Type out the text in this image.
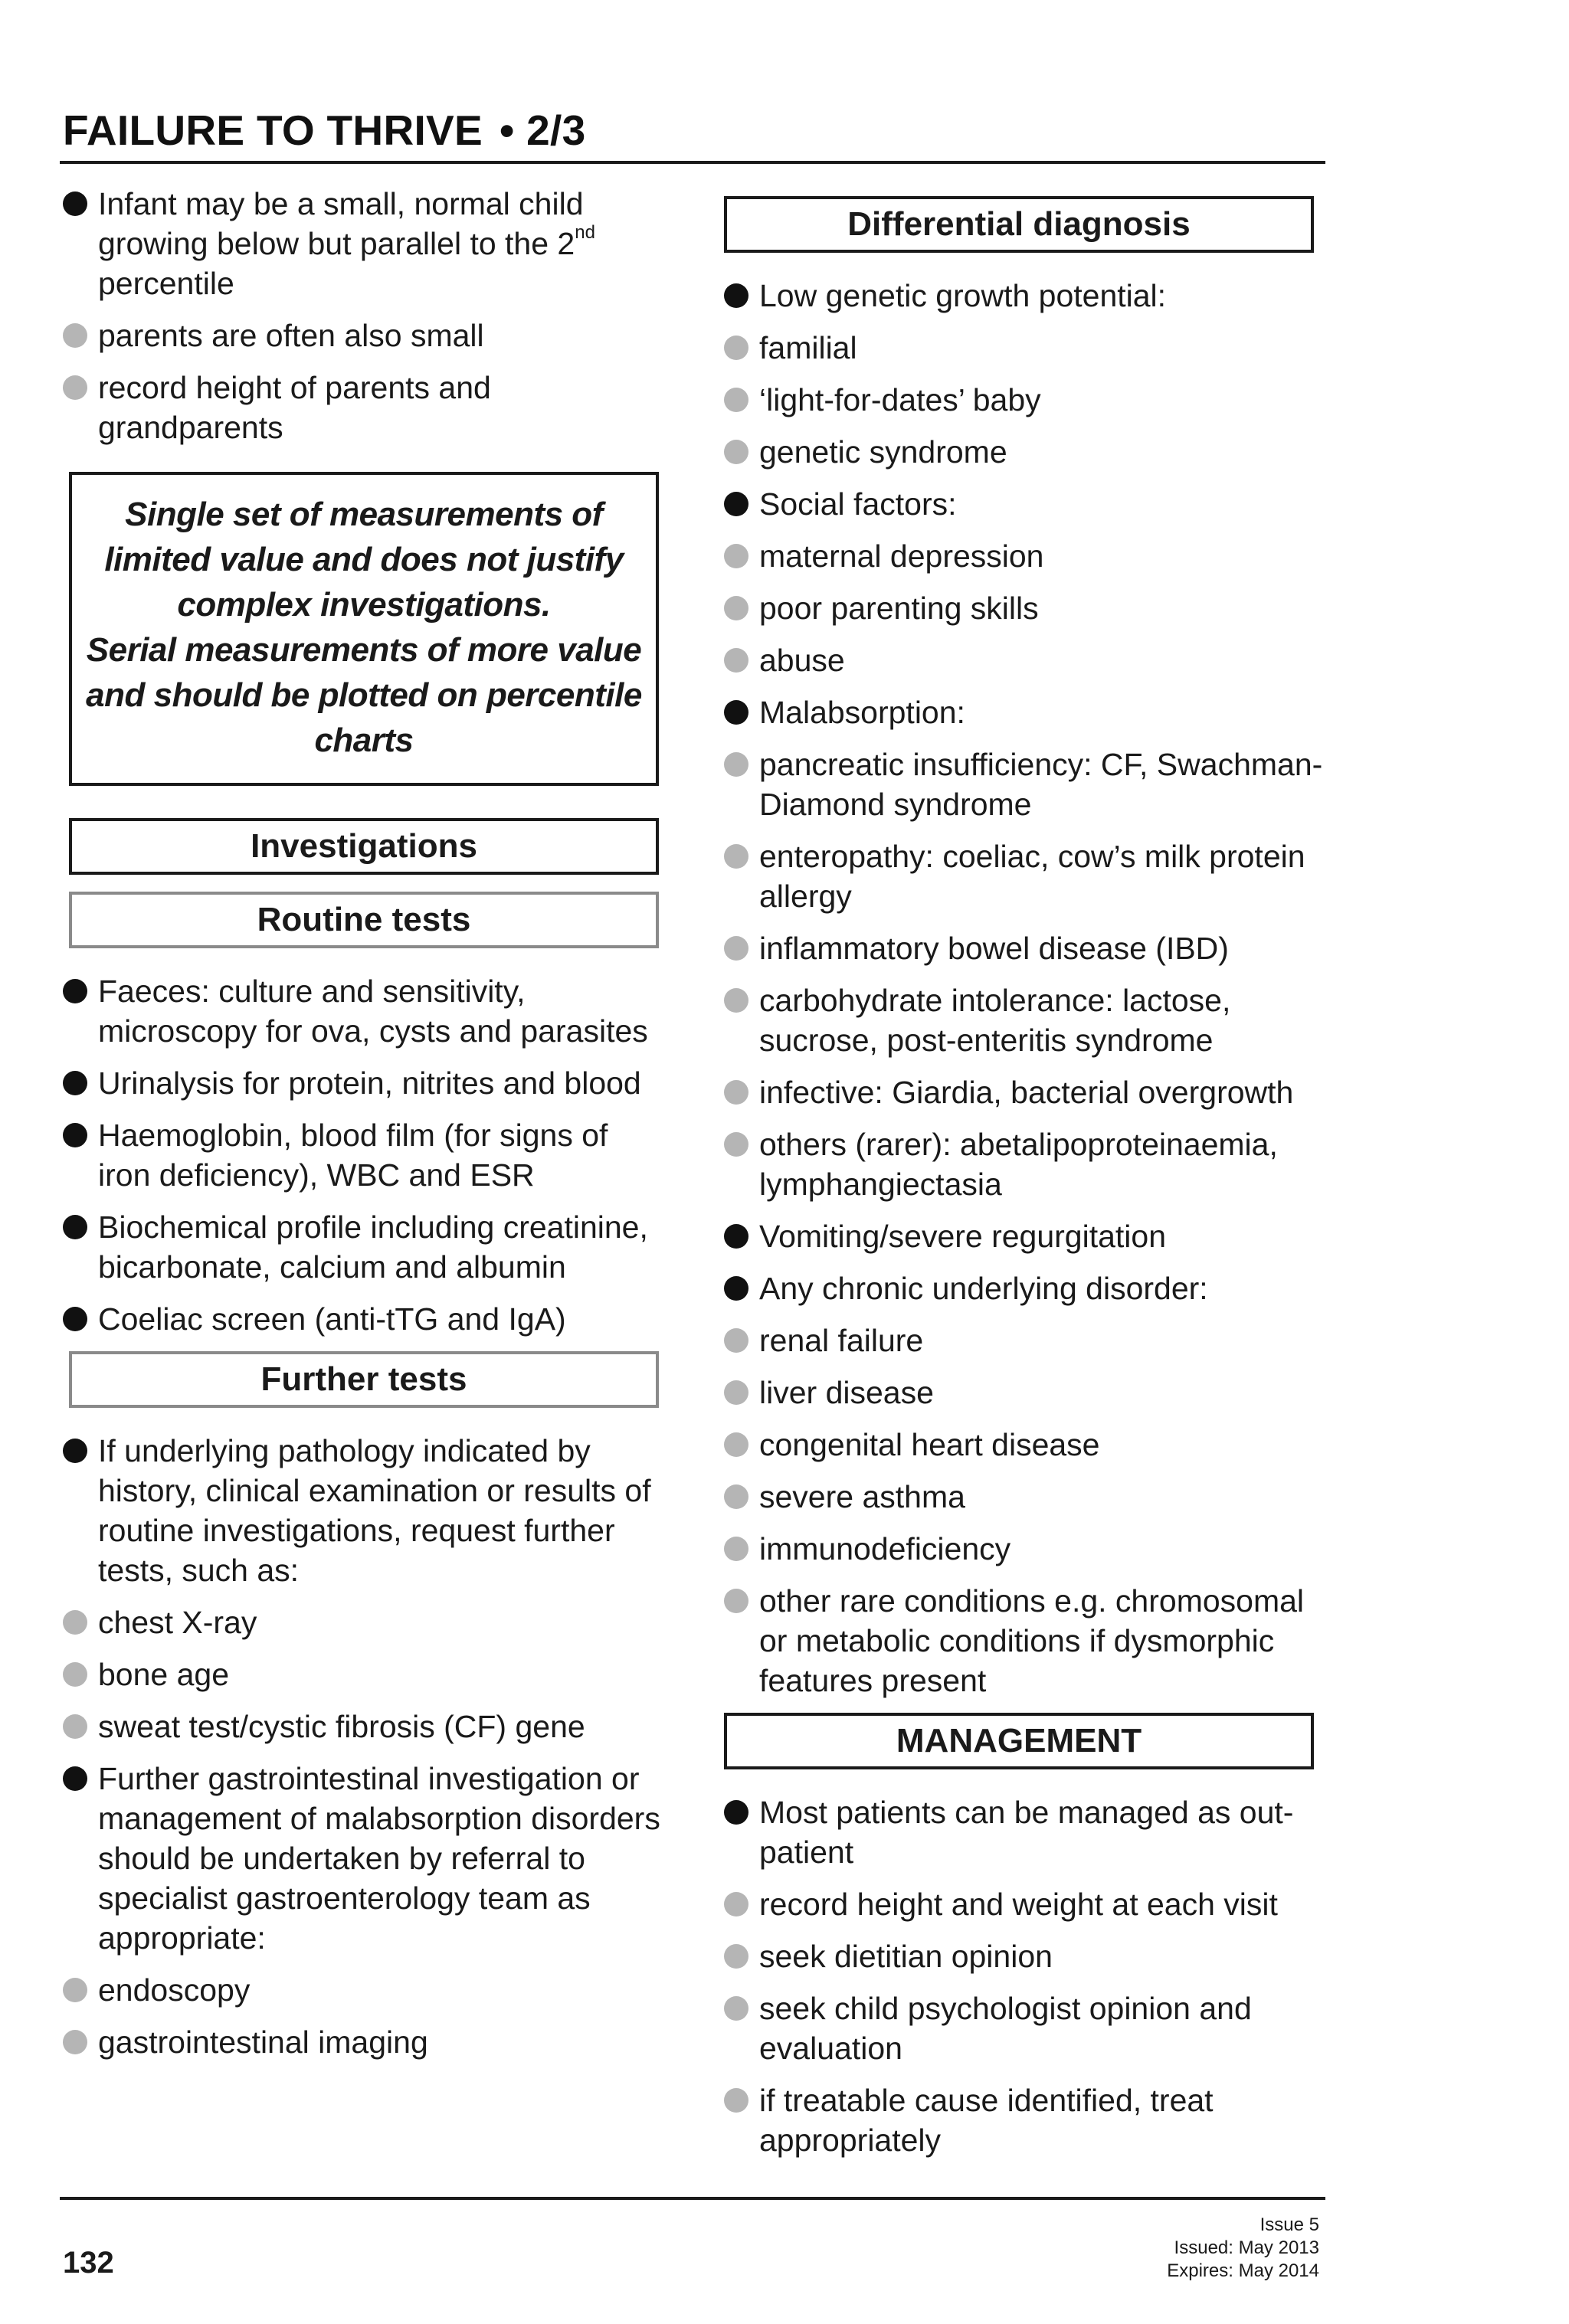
FAILURE TO THRIVE • 2/3
Infant may be a small, normal child growing below but parallel to the 2nd percentile
parents are often also small
record height of parents and grandparents

Single set of measurements of limited value and does not justify complex investigations.

Serial measurements of more value and should be plotted on percentile charts

Investigations
Routine tests
Faeces: culture and sensitivity, microscopy for ova, cysts and parasites
Urinalysis for protein, nitrites and blood
Haemoglobin, blood film (for signs of iron deficiency), WBC and ESR
Biochemical profile including creatinine, bicarbonate, calcium and albumin
Coeliac screen (anti-tTG and IgA)
Further tests
If underlying pathology indicated by history, clinical examination or results of routine investigations, request further tests, such as:
chest X-ray
bone age
sweat test/cystic fibrosis (CF) gene
Further gastrointestinal investigation or management of malabsorption disorders should be undertaken by referral to specialist gastroenterology team as appropriate:
endoscopy
gastrointestinal imaging
Differential diagnosis
Low genetic growth potential:
familial
‘light-for-dates’ baby
genetic syndrome
Social factors:
maternal depression
poor parenting skills
abuse
Malabsorption:
pancreatic insufficiency: CF, Swachman-Diamond syndrome
enteropathy: coeliac, cow’s milk protein allergy
inflammatory bowel disease (IBD)
carbohydrate intolerance: lactose, sucrose, post-enteritis syndrome
infective: Giardia, bacterial overgrowth
others (rarer): abetalipoproteinaemia, lymphangiectasia
Vomiting/severe regurgitation
Any chronic underlying disorder:
renal failure
liver disease
congenital heart disease
severe asthma
immunodeficiency
other rare conditions e.g. chromosomal or metabolic conditions if dysmorphic features present
MANAGEMENT
Most patients can be managed as out-patient
record height and weight at each visit
seek dietitian opinion
seek child psychologist opinion and evaluation
if treatable cause identified, treat appropriately
132
Issue 5
Issued: May 2013
Expires: May 2014
